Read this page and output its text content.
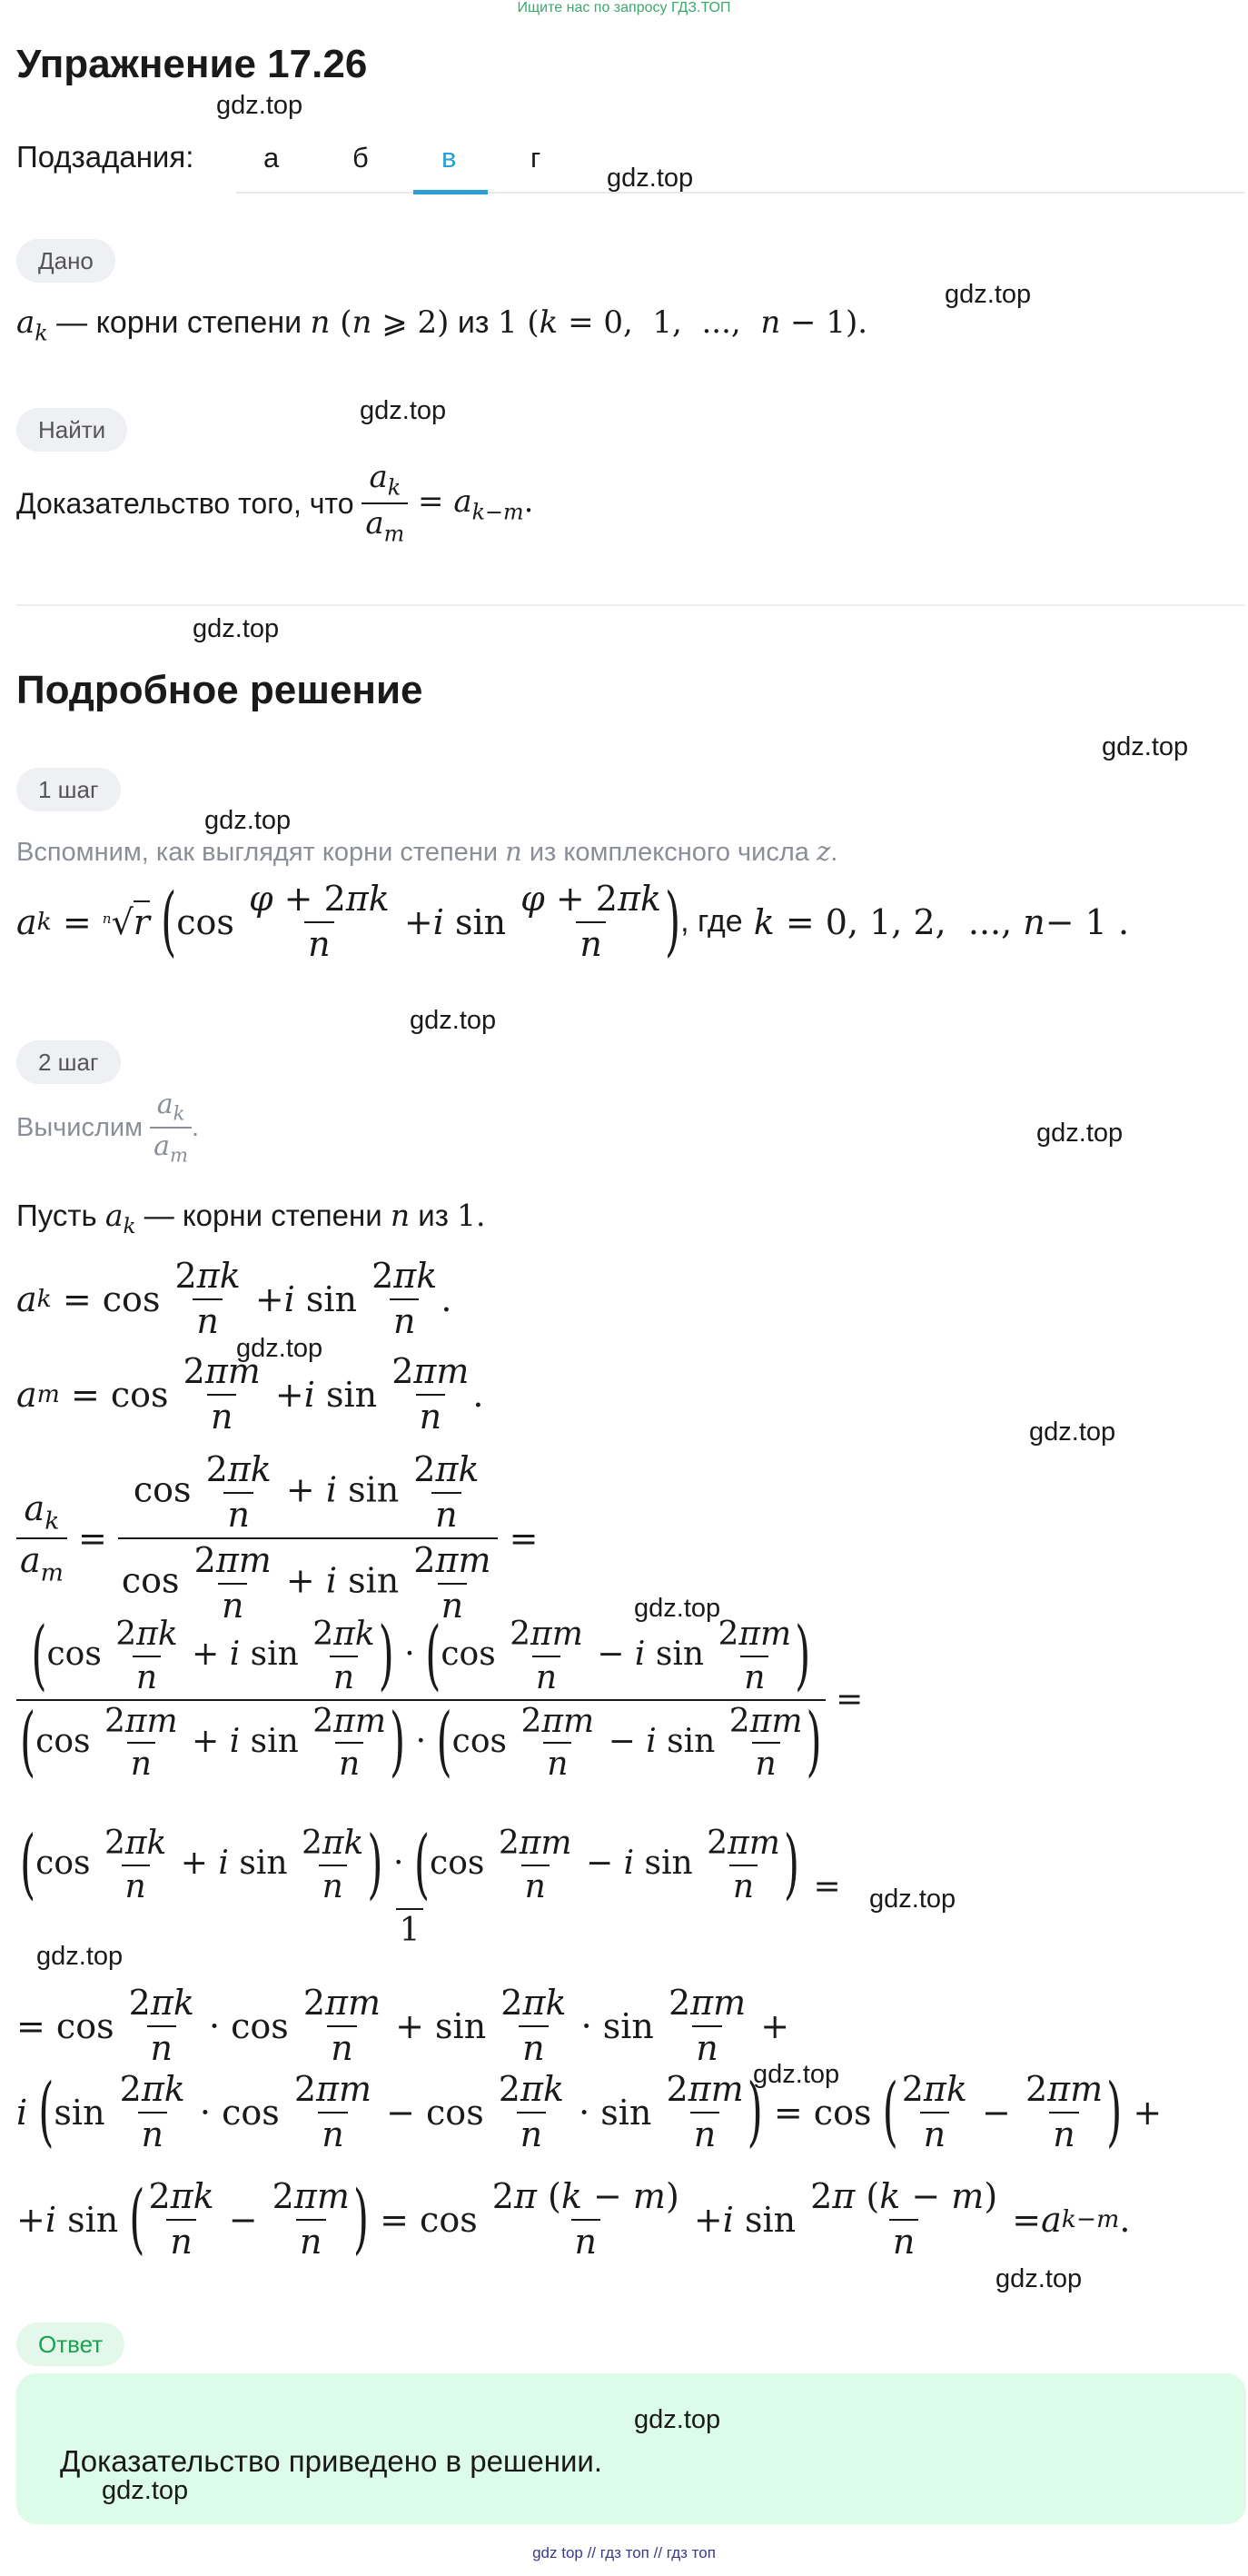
Ищите нас по запросу ГДЗ.ТОП
Упражнение 17.26
Подзадания: а	б	в	г
Дано
$a_k$
— корни степени
n (n ⩾ 2)
из
1 (k = 0,  1,  ...,  n − 1).
Найти
Доказательство того, что
$\frac{a_k}{a_m} = a_{k-m}$.
Подробное решение
1 шаг
Вспомним, как выглядят корни степени n из комплексного числа z.
a k = $^n$√r
( $\cos \frac{\varphi + 2\pi k}{n} + i$ $\sin \frac{\varphi + 2\pi k}{n}$ ) , где
k = 0, 1, 2,  ..., n − 1 .
2 шаг
Вычислим
$\frac{a_k}{a_m}$ .
Пусть $a_k$ — корни степени n из 1.
a $k = \cos \frac{2\pi k}{n} + i$ $\sin \frac{2\pi k}{n}$ .
a $m = \cos \frac{2\pi m}{n} + i$ $\sin \frac{2\pi m}{n}$ .
$\frac{a_k}{a_m} = \frac{\cos \frac{2\pi k}{n} + i \sin \frac{2\pi k}{n}}{\cos \frac{2\pi m}{n} + i \sin \frac{2\pi m}{n}}$ =
$\frac{(\cos \frac{2\pi k}{n} + i \sin \frac{2\pi k}{n} ) \cdot (\cos \frac{2\pi m}{n} - i \sin \frac{2\pi m}{n} )}{(\cos \frac{2\pi m}{n} + i \sin \frac{2\pi m}{n} ) \cdot (\cos \frac{2\pi m}{n} - i \sin \frac{2\pi m}{n} )}$ =
$\frac{(\cos \frac{2\pi k}{n} + i \sin \frac{2\pi k}{n} ) \cdot (\cos \frac{2\pi m}{n} - i \sin \frac{2\pi m}{n} )}{1}$ =
= $\cos \frac{2\pi k}{n} \cdot \cos \frac{2\pi m}{n} + \sin \frac{2\pi k}{n} \cdot \sin \frac{2\pi m}{n}$ +
i
( $\sin \frac{2\pi k}{n} \cdot \cos \frac{2\pi m}{n} - \cos \frac{2\pi k}{n} \cdot \sin \frac{2\pi m}{n}$ ) = cos ( $\frac{2\pi k}{n} - \frac{2\pi m}{n}$ ) +
+ i sin ( $\frac{2\pi k}{n} - \frac{2\pi m}{n}$ ) = $\cos \frac{2\pi (k - m)}{n} + i$ $\sin \frac{2\pi (k - m)}{n} = a$ k−m .
Ответ
Доказательство приведено в решении.
gdz.top
gdz.top
gdz.top
gdz.top
gdz.top
gdz.top
gdz.top
gdz.top
gdz.top
gdz.top
gdz.top
gdz.top
gdz.top
gdz.top
gdz.top
gdz.top
gdz.top
gdz.top
gdz top // гдз топ // гдз топ
